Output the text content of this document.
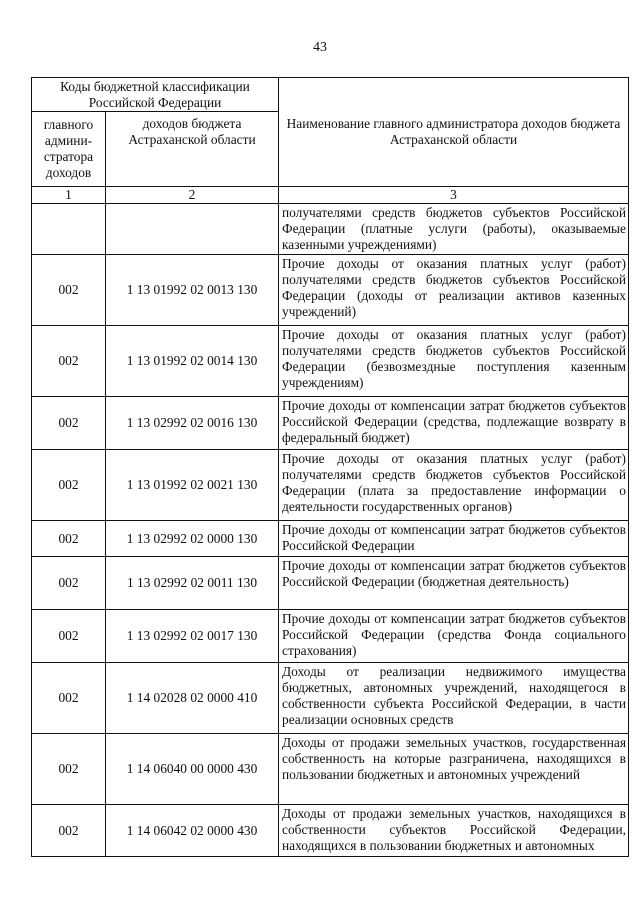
43
Коды бюджетной классификации Российской Федерации		Наименование главного администратора доходов бюджета Астраханской области
главного админи-стратора доходов	доходов бюджета Астраханской области	
1	2	3
		получателями средств бюджетов субъектов Российской Федерации (платные услуги (работы), оказываемые казенными учреждениями)
002	1 13 01992 02 0013 130	Прочие доходы от оказания платных услуг (работ) получателями средств бюджетов субъектов Российской Федерации (доходы от реализации активов казенных учреждений)
002	1 13 01992 02 0014 130	Прочие доходы от оказания платных услуг (работ) получателями средств бюджетов субъектов Российской Федерации (безвозмездные поступления казенным учреждениям)
002	1 13 02992 02 0016 130	Прочие доходы от компенсации затрат бюджетов субъектов Российской Федерации (средства, подлежащие возврату в федеральный бюджет)
002	1 13 01992 02 0021 130	Прочие доходы от оказания платных услуг (работ) получателями средств бюджетов субъектов Российской Федерации (плата за предоставление информации о деятельности государственных органов)
002	1 13 02992 02 0000 130	Прочие доходы от компенсации затрат бюджетов субъектов Российской Федерации
002	1 13 02992 02 0011 130	Прочие доходы от компенсации затрат бюджетов субъектов Российской Федерации (бюджетная деятельность)
002	1 13 02992 02 0017 130	Прочие доходы от компенсации затрат бюджетов субъектов Российской Федерации (средства Фонда социального страхования)
002	1 14 02028 02 0000 410	Доходы от реализации недвижимого имущества бюджетных, автономных учреждений, находящегося в собственности субъекта Российской Федерации, в части реализации основных средств
002	1 14 06040 00 0000 430	Доходы от продажи земельных участков, государственная собственность на которые разграничена, находящихся в пользовании бюджетных и автономных учреждений
002	1 14 06042 02 0000 430	Доходы от продажи земельных участков, находящихся в собственности субъектов Российской Федерации, находящихся в пользовании бюджетных и автономных
